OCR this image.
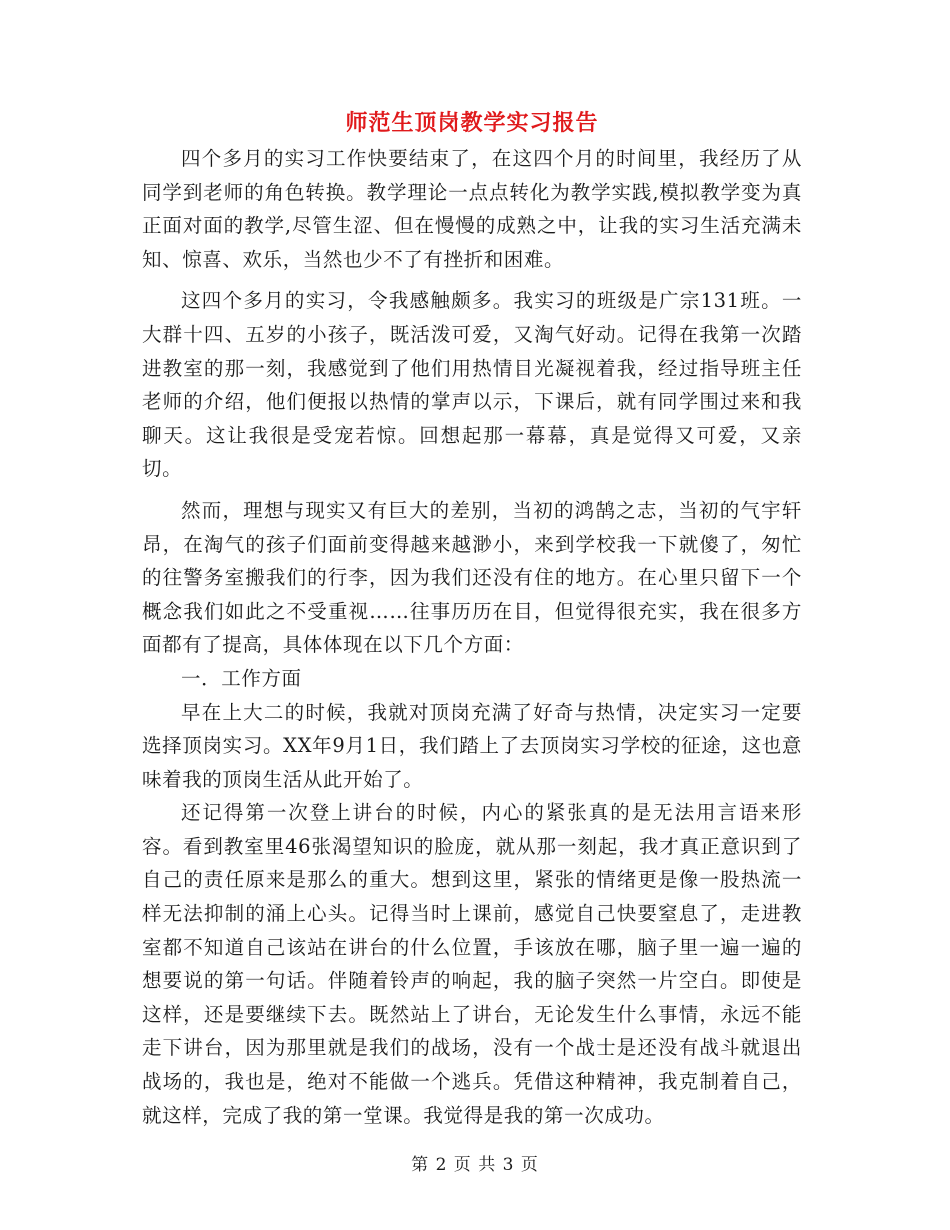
师范生顶岗教学实习报告

四个多月的实习工作快要结束了，在这四个月的时间里，我经历了从同学到老师的角色转换。教学理论一点点转化为教学实践,模拟教学变为真正面对面的教学,尽管生涩、但在慢慢的成熟之中，让我的实习生活充满未知、惊喜、欢乐，当然也少不了有挫折和困难。

这四个多月的实习，令我感触颇多。我实习的班级是广宗131班。一大群十四、五岁的小孩子，既活泼可爱，又淘气好动。记得在我第一次踏进教室的那一刻，我感觉到了他们用热情目光凝视着我，经过指导班主任老师的介绍，他们便报以热情的掌声以示，下课后，就有同学围过来和我聊天。这让我很是受宠若惊。回想起那一幕幕，真是觉得又可爱，又亲切。

然而，理想与现实又有巨大的差别，当初的鸿鹄之志，当初的气宇轩昂，在淘气的孩子们面前变得越来越渺小，来到学校我一下就傻了，匆忙的往警务室搬我们的行李，因为我们还没有住的地方。在心里只留下一个概念我们如此之不受重视……往事历历在目，但觉得很充实，我在很多方面都有了提高，具体体现在以下几个方面：

一．工作方面

早在上大二的时候，我就对顶岗充满了好奇与热情，决定实习一定要选择顶岗实习。XX年9月1日，我们踏上了去顶岗实习学校的征途，这也意味着我的顶岗生活从此开始了。

还记得第一次登上讲台的时候，内心的紧张真的是无法用言语来形容。看到教室里46张渴望知识的脸庞，就从那一刻起，我才真正意识到了自己的责任原来是那么的重大。想到这里，紧张的情绪更是像一股热流一样无法抑制的涌上心头。记得当时上课前，感觉自己快要窒息了，走进教室都不知道自己该站在讲台的什么位置，手该放在哪，脑子里一遍一遍的想要说的第一句话。伴随着铃声的响起，我的脑子突然一片空白。即使是这样，还是要继续下去。既然站上了讲台，无论发生什么事情，永远不能走下讲台，因为那里就是我们的战场，没有一个战士是还没有战斗就退出战场的，我也是，绝对不能做一个逃兵。凭借这种精神，我克制着自己，就这样，完成了我的第一堂课。我觉得是我的第一次成功。

第 2 页 共 3 页
